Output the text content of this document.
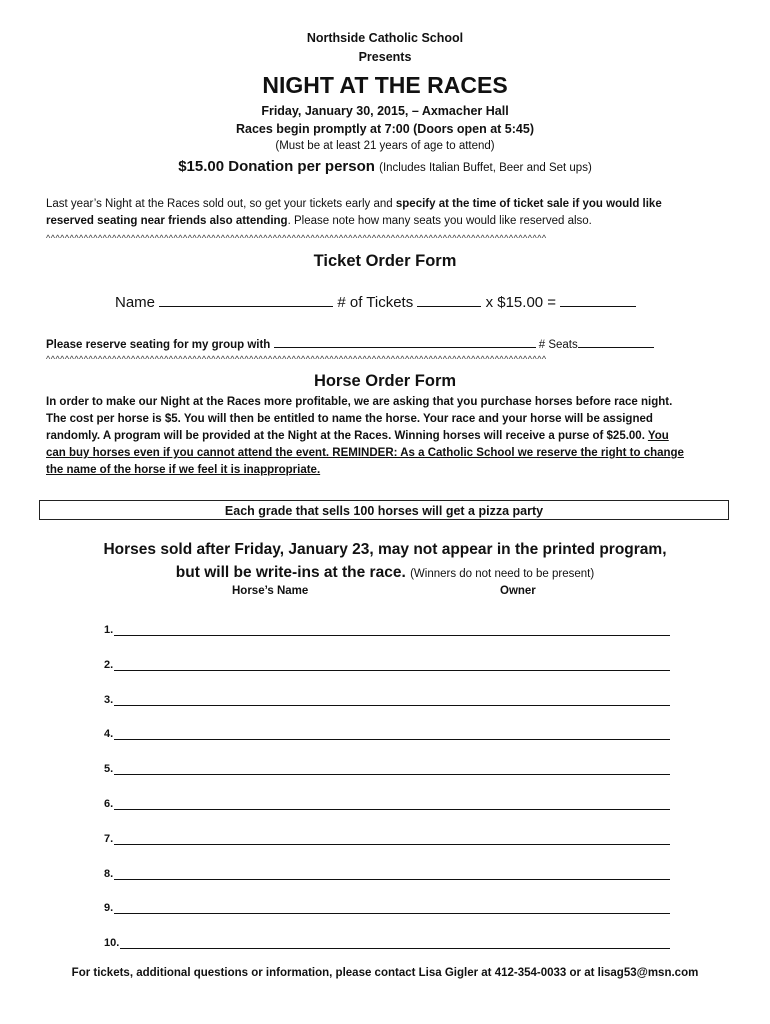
Northside Catholic School
Presents
NIGHT AT THE RACES
Friday, January 30, 2015, – Axmacher Hall
Races begin promptly at 7:00 (Doors open at 5:45)
(Must be at least 21 years of age to attend)
$15.00 Donation per person (Includes Italian Buffet, Beer and Set ups)
Last year’s Night at the Races sold out, so get your tickets early and specify at the time of ticket sale if you would like
reserved seating near friends also attending. Please note how many seats you would like reserved also.
^^^^^^^^^^^^^^^^^^^^^^^^^^^^^^^^^^^^^^^^^^^^^^^^^^^^^^^^^^^^^^^^^^^^^^^^^^^^^^^^^^^^^^^^^^^^^^^^^^^^^^^^^^
Ticket Order Form
Name	# of Tickets	x $15.00 =
Please reserve seating for my group with	# Seats
^^^^^^^^^^^^^^^^^^^^^^^^^^^^^^^^^^^^^^^^^^^^^^^^^^^^^^^^^^^^^^^^^^^^^^^^^^^^^^^^^^^^^^^^^^^^^^^^^^^^^^^^^^
Horse Order Form
In order to make our Night at the Races more profitable, we are asking that you purchase horses before race night.
The cost per horse is $5. You will then be entitled to name the horse. Your race and your horse will be assigned
randomly. A program will be provided at the Night at the Races. Winning horses will receive a purse of $25.00. You
can buy horses even if you cannot attend the event. REMINDER: As a Catholic School we reserve the right to change
the name of the horse if we feel it is inappropriate.
Each grade that sells 100 horses will get a pizza party
Horses sold after Friday, January 23, may not appear in the printed program,
but will be write-ins at the race. (Winners do not need to be present)
Horse’s Name	Owner
1.
2.
3.
4.
5.
6.
7.
8.
9.
10.
For tickets, additional questions or information, please contact Lisa Gigler at 412-354-0033 or at lisag53@msn.com
